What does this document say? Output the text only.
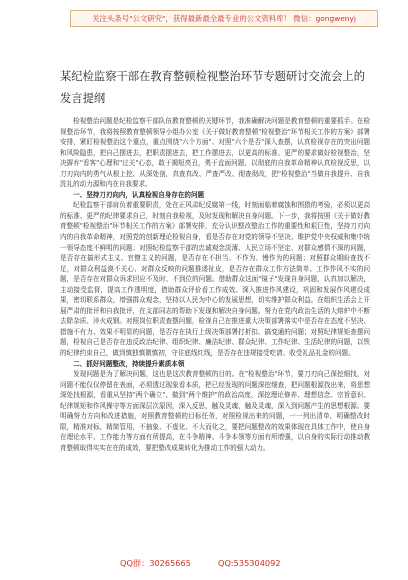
关注头条号"公文研究"，获得最新最全最专业的公文资料库！ 微信：gongwenyj
某纪检监察干部在教育整顿检视整治环节专题研讨交流会上的发言提纲

检视整治问题是纪检监察干部队伍教育整顿的关键环节，我准确解决问题是教育整顿的重要抓手。在检视整治环节，我将按照教育整顿领导小组办公室《关于做好教育整顿"检视整治"环节相关工作的方案》部署安排，紧盯检视整治这个重点，重点围绕"六个方面"、对照"六个是否"深入查摆，认真检视存在的突出问题和风险隐患，把自己摆进去，把职责摆进去，把工作摆进去，以更高的标准、更严的要求做好检视整治，坚决摒弃"看客"心理和"过关"心态，敢于揭短亮丑，勇于直面问题，以彻底的自我革命精神认真检视反思，以刀刃向内的勇气从根上挖、从深处剖，真查真改、严查严改、彻查彻改，把"检视整治"当做自我提升、自我洗礼的动力源和内在自我要求。

一、坚持刀刃向内，认真检视自身存在的问题

纪检监察干部肩负着重要职责，处在正风肃纪反腐第一线，时刻面临着腐蚀和围猎的考验，必须以更高的标准、更严的纪律要求自己，时刻自我检视，及时发现和解决自身问题。下一步，我将按照《关于做好教育整顿"检视整治"环节相关工作的方案》部署安排，充分认识整改整治工作的重要性和艰巨性，坚持刀刃向内的自我革命精神，对照党的创新理论检视自身，看是否存在对党的领导不坚决、维护党中央权威和集中统一领导态度不鲜明的问题；对照纪检监察干部的忠诚观念淡薄、人民立场不坚定、对群众感情不深的问题，是否存在搞形式主义、官僚主义的问题，是否存在不担当、不作为、慢作为的问题；对照群众期盼查找不足，对群众利益漠不关心、对群众反映的问题推诿扯皮，是否存在群众工作方法简单、工作作风不实的问题，是否存在对群众诉求回应不及时、不到位的问题。借助群众这面"镜子"发现自身问题，认真加以解决，主动接受监督，提高工作透明度，借助群众评价看工作成效。深入推进作风建设，巩固和发展作风建设成果，密切联系群众，增强群众观念，坚持以人民为中心的发展思想，切实维护群众利益。在组织生活会上开展严肃的批评和自我批评，在支部同志的帮助下发现和解决自身问题。努力在党内政治生活的大熔炉中不断去除杂质、淬火成钢。对照岗位职责查摆问题，检视自己在推进重大决策部署落实中是否存在态度不坚决、措施不有力、效果不明显的问题，是否存在执行上级决策部署打折扣、搞变通的问题；对照纪律规矩查摆问题，检视自己是否存在违反政治纪律、组织纪律、廉洁纪律、群众纪律、工作纪律、生活纪律的问题，以铁的纪律约束自己，做到慎独慎微慎初，守住底线红线，是否存在违规接受吃请、收受礼品礼金的问题。

二、抓好问题整改，持续提升素质本领

发现问题是为了解决问题，这也是这次教育整顿的目的。在"检视整治"环节，要刀刃向己深挖细找，对问题不能仅仅停留在表面，必须透过现象看本质，把已经发现的问题深挖细查，把问题根源找出来，将思想深处找根源，看重从坚持"两个确立"、做到"两个维护"的政治高度，深挖理论修养、理想信念、宗旨意识、纪律规矩和作风操守等方面深层次原因，深入反思，触及灵魂，触及灵魂，深入到问题产生的思想根源。要明确努力方向和改进措施，对照教育整顿的目标任务，对照检视出来的问题，一一列出清单，明确整改时限，精准对标，精简管用，不抽象、不虚化、不大而化之，要把问题整改的效果体现在具体工作中，使自身在理论水平、工作能力等方面有所提高，在斗争精神、斗争本领等方面有所增强，以自身的实际行动推动教育整顿取得实实在在的成效，要把整改成果转化为推动工作的强大动力。

QQ群：30265665	QQ:535304092
